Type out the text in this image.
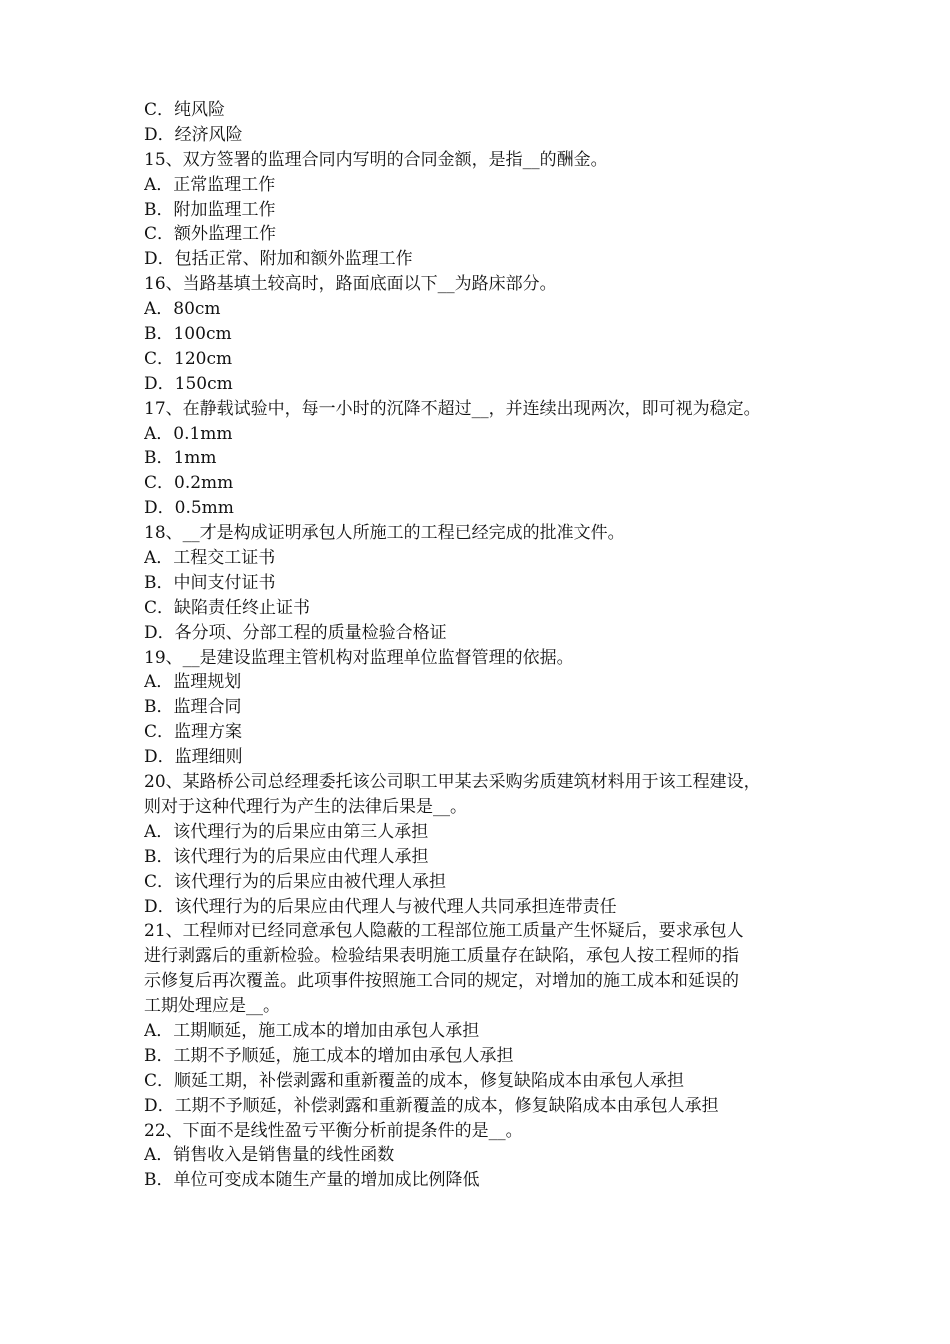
C．纯风险
D．经济风险
15、双方签署的监理合同内写明的合同金额，是指__的酬金。
A．正常监理工作
B．附加监理工作
C．额外监理工作
D．包括正常、附加和额外监理工作
16、当路基填土较高时，路面底面以下__为路床部分。
A．80cm
B．100cm
C．120cm
D．150cm
17、在静载试验中，每一小时的沉降不超过__，并连续出现两次，即可视为稳定。
A．0.1mm
B．1mm
C．0.2mm
D．0.5mm
18、__才是构成证明承包人所施工的工程已经完成的批准文件。
A．工程交工证书
B．中间支付证书
C．缺陷责任终止证书
D．各分项、分部工程的质量检验合格证
19、__是建设监理主管机构对监理单位监督管理的依据。
A．监理规划
B．监理合同
C．监理方案
D．监理细则
20、某路桥公司总经理委托该公司职工甲某去采购劣质建筑材料用于该工程建设，
则对于这种代理行为产生的法律后果是__。
A．该代理行为的后果应由第三人承担
B．该代理行为的后果应由代理人承担
C．该代理行为的后果应由被代理人承担
D．该代理行为的后果应由代理人与被代理人共同承担连带责任
21、工程师对已经同意承包人隐蔽的工程部位施工质量产生怀疑后，要求承包人
进行剥露后的重新检验。检验结果表明施工质量存在缺陷，承包人按工程师的指
示修复后再次覆盖。此项事件按照施工合同的规定，对增加的施工成本和延误的
工期处理应是__。
A．工期顺延，施工成本的增加由承包人承担
B．工期不予顺延，施工成本的增加由承包人承担
C．顺延工期，补偿剥露和重新覆盖的成本，修复缺陷成本由承包人承担
D．工期不予顺延，补偿剥露和重新覆盖的成本，修复缺陷成本由承包人承担
22、下面不是线性盈亏平衡分析前提条件的是__。
A．销售收入是销售量的线性函数
B．单位可变成本随生产量的增加成比例降低
